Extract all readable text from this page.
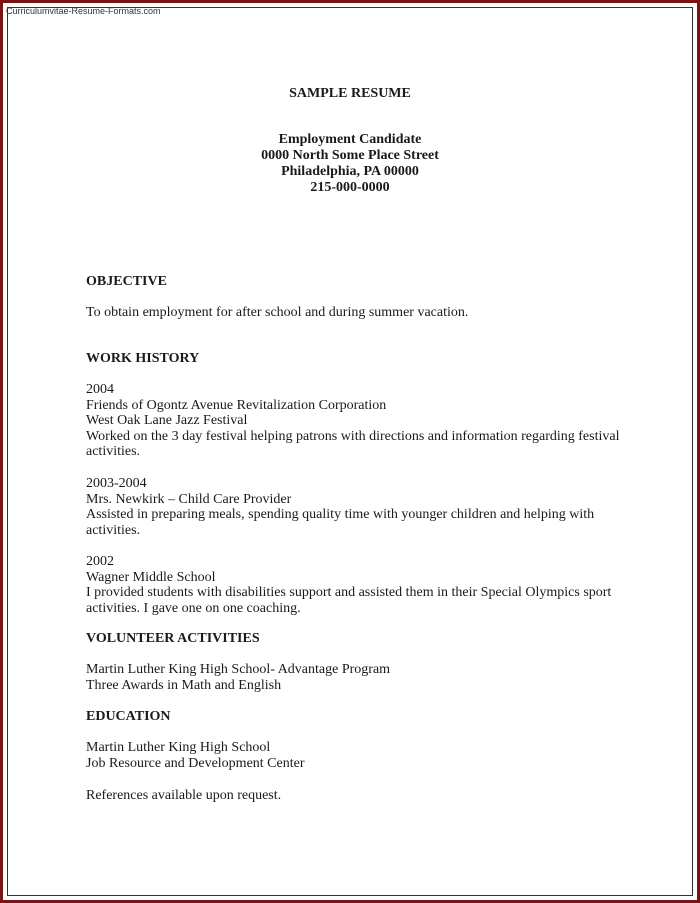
Curriculumvitae-Resume-Formats.com
SAMPLE RESUME
Employment Candidate
0000 North Some Place Street
Philadelphia, PA 00000
215-000-0000
OBJECTIVE
To obtain employment for after school and during summer vacation.
WORK HISTORY
2004
Friends of Ogontz Avenue Revitalization Corporation
West Oak Lane Jazz Festival
Worked on the 3 day festival helping patrons with directions and information regarding festival
activities.
2003-2004
Mrs. Newkirk – Child Care Provider
Assisted in preparing meals, spending quality time with younger children and helping with
activities.
2002
Wagner Middle School
I provided students with disabilities support and assisted them in their Special Olympics sport
activities. I gave one on one coaching.
VOLUNTEER ACTIVITIES
Martin Luther King High School- Advantage Program
Three Awards in Math and English
EDUCATION
Martin Luther King High School
Job Resource and Development Center
References available upon request.
